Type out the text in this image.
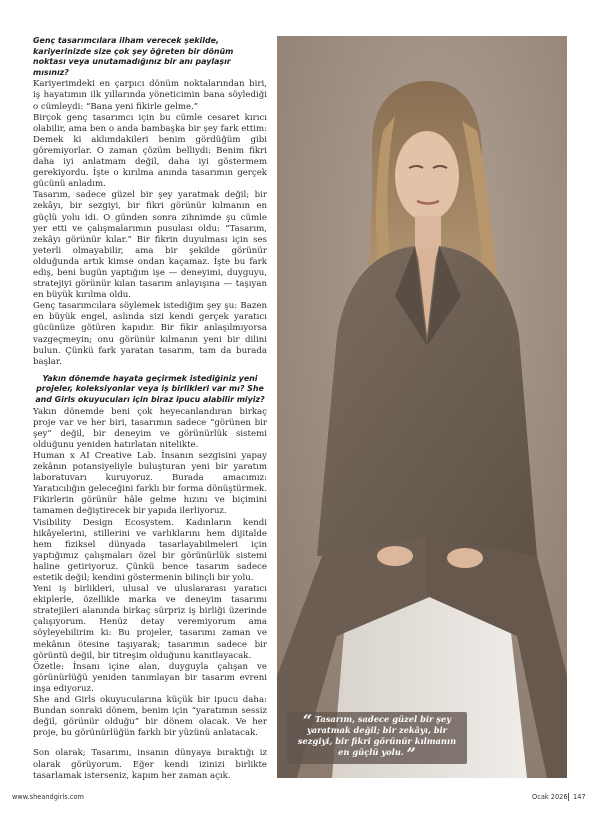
Genç tasarımcılara ilham verecek şekilde, kariyerinizde size çok şey öğreten bir dönüm noktası veya unutamadığınız bir anı paylaşır mısınız?

Kariyerimdeki en çarpıcı dönüm noktalarından biri, iş hayatımın ilk yıllarında yöneticimin bana söylediği o cümleydi: “Bana yeni fikirle gelme.”

Birçok genç tasarımcı için bu cümle cesaret kırıcı olabilir, ama ben o anda bambaşka bir şey fark ettim: Demek ki aklımdakileri benim gördüğüm gibi göremiyorlar. O zaman çözüm belliydi: Benim fikri daha iyi anlatmam değil, daha iyi göstermem gerekiyordu. İşte o kırılma anında tasarımın gerçek gücünü anladım.

Tasarım, sadece güzel bir şey yaratmak değil; bir zekâyı, bir sezgiyi, bir fikri görünür kılmanın en güçlü yolu idi. O günden sonra zihnimde şu cümle yer etti ve çalışmalarımın pusulası oldu: “Tasarım, zekâyı görünür kılar.” Bir fikrin duyulması için ses yeterli olmayabilir, ama bir şekilde görünür olduğunda artık kimse ondan kaçamaz. İşte bu fark ediş, beni bugün yaptığım işe — deneyimi, duyguyu, stratejiyi görünür kılan tasarım anlayışına — taşıyan en büyük kırılma oldu.

Genç tasarımcılara söylemek istediğim şey şu: Bazen en büyük engel, aslında sizi kendi gerçek yaratıcı gücünüze götüren kapıdır. Bir fikir anlaşılmıyorsa vazgeçmeyin; onu görünür kılmanın yeni bir dilini bulun. Çünkü fark yaratan tasarım, tam da burada başlar.

Yakın dönemde hayata geçirmek istediğiniz yeni projeler, koleksiyonlar veya iş birlikleri var mı? She and Girls okuyucuları için biraz ipucu alabilir miyiz?

Yakın dönemde beni çok heyecanlandıran birkaç proje var ve her biri, tasarımın sadece “görünen bir şey” değil, bir deneyim ve görünürlük sistemi olduğunu yeniden hatırlatan nitelikte.

Human x AI Creative Lab. İnsanın sezgisini yapay zekânın potansiyeliyle buluşturan yeni bir yaratım laboratuvarı kuruyoruz. Burada amacımız: Yaratıcılığın geleceğini farklı bir forma dönüştürmek. Fikirlerin görünür hâle gelme hızını ve biçimini tamamen değiştirecek bir yapıda ilerliyoruz.

Visibility Design Ecosystem. Kadınların kendi hikâyelerini, stillerini ve varlıklarını hem dijitalde hem fiziksel dünyada tasarlayabilmeleri için yaptığımız çalışmaları özel bir görünürlük sistemi haline getiriyoruz. Çünkü bence tasarım sadece estetik değil; kendini göstermenin bilinçli bir yolu.

Yeni iş birlikleri, ulusal ve uluslararası yaratıcı ekiplerle, özellikle marka ve deneyim tasarımı stratejileri alanında birkaç sürpriz iş birliği üzerinde çalışıyorum. Henüz detay veremiyorum ama söyleyebilirim ki: Bu projeler, tasarımı zaman ve mekânın ötesine taşıyarak; tasarımın sadece bir görüntü değil, bir titreşim olduğunu kanıtlayacak.

Özetle: İnsanı içine alan, duyguyla çalışan ve görünürlüğü yeniden tanımlayan bir tasarım evreni inşa ediyoruz.

She and Girls okuyucularına küçük bir ipucu daha: Bundan sonraki dönem, benim için “yaratımın sessiz değil, görünür olduğu” bir dönem olacak. Ve her proje, bu görünürlüğün farklı bir yüzünü anlatacak.

Son olarak; Tasarımı, insanın dünyaya bıraktığı iz olarak görüyorum. Eğer kendi izinizi birlikte tasarlamak isterseniz, kapım her zaman açık.

“ Tasarım, sadece güzel bir şey yaratmak değil; bir zekâyı, bir sezgiyi, bir fikri görünür kılmanın en güçlü yolu. ”
www.sheandgirls.com	Ocak 2026 147
